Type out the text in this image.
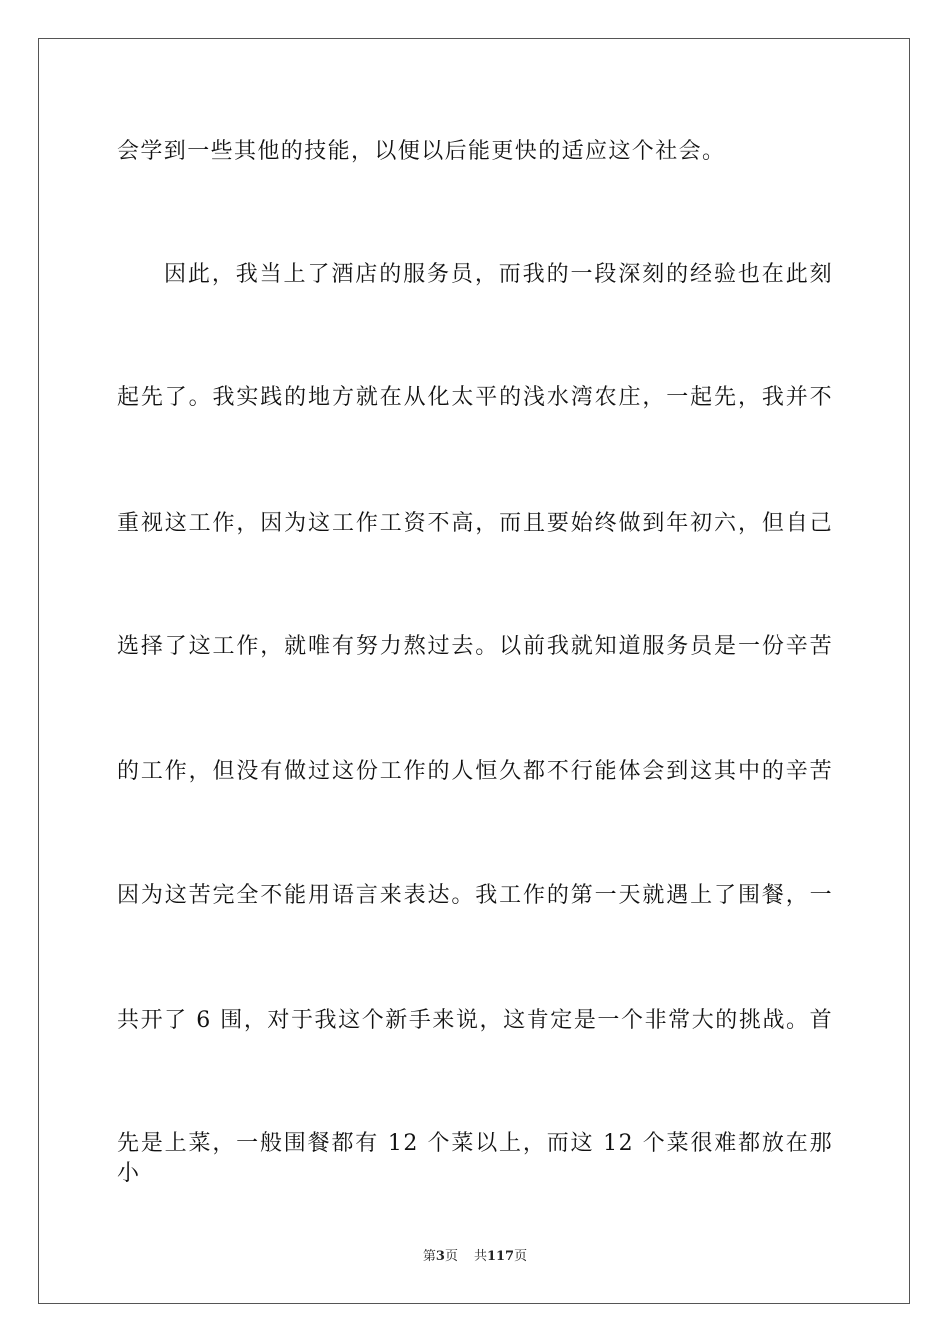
会学到一些其他的技能，以便以后能更快的适应这个社会。
因此，我当上了酒店的服务员，而我的一段深刻的经验也在此刻
起先了。我实践的地方就在从化太平的浅水湾农庄，一起先，我并不
重视这工作，因为这工作工资不高，而且要始终做到年初六，但自己
选择了这工作，就唯有努力熬过去。以前我就知道服务员是一份辛苦
的工作，但没有做过这份工作的人恒久都不行能体会到这其中的辛苦
因为这苦完全不能用语言来表达。我工作的第一天就遇上了围餐，一
共开了 6 围，对于我这个新手来说，这肯定是一个非常大的挑战。首
先是上菜，一般围餐都有 12 个菜以上，而这 12 个菜很难都放在那小
第3页 共117页
